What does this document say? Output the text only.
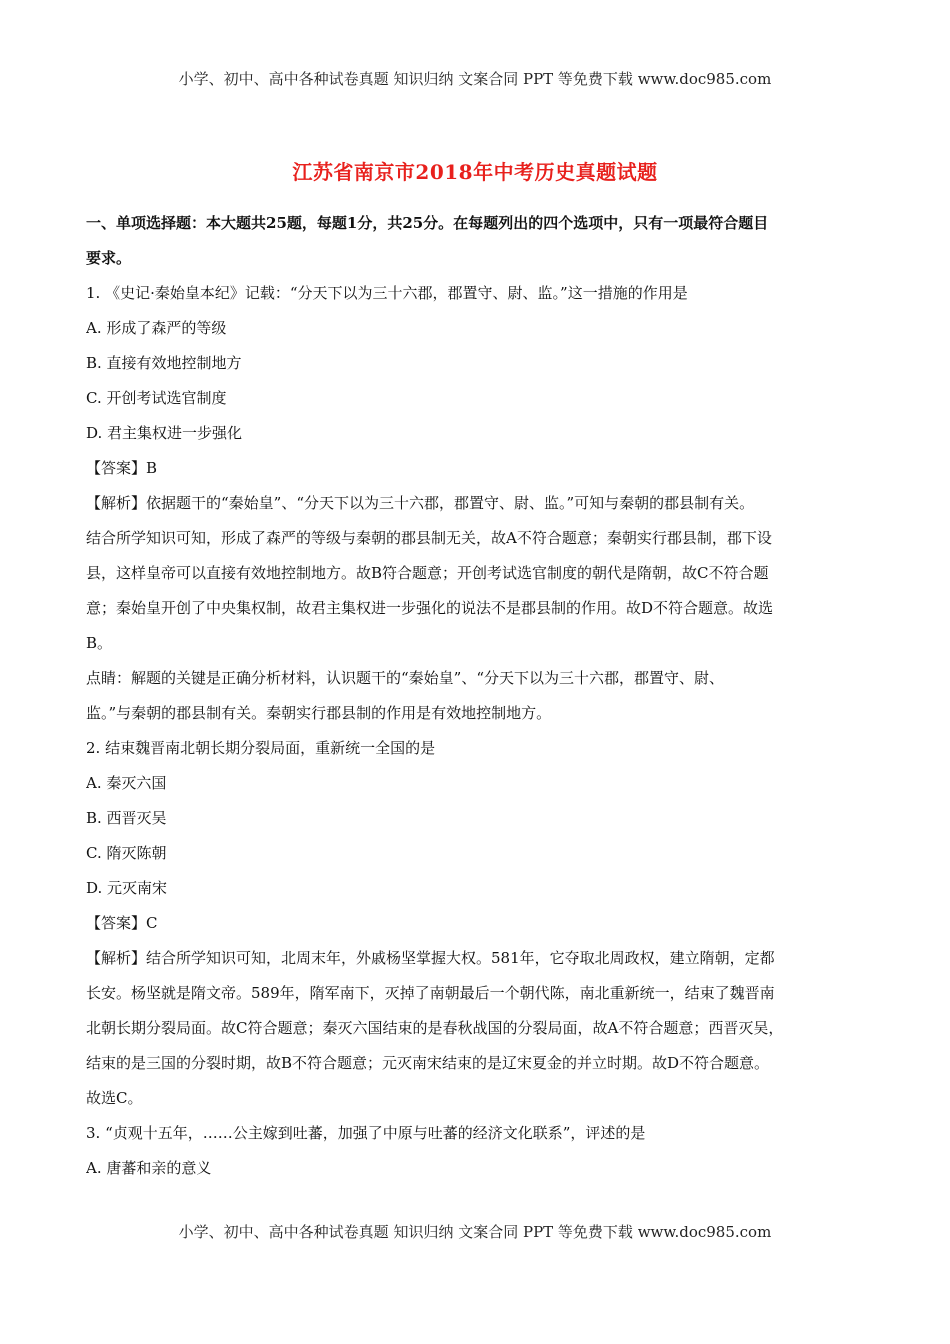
小学、初中、高中各种试卷真题 知识归纳 文案合同 PPT 等免费下载 www.doc985.com
江苏省南京市2018年中考历史真题试题
一、单项选择题：本大题共25题，每题1分，共25分。在每题列出的四个选项中，只有一项最符合题目
要求。
1. 《史记·秦始皇本纪》记载：“分天下以为三十六郡，郡置守、尉、监。”这一措施的作用是
A. 形成了森严的等级
B. 直接有效地控制地方
C. 开创考试选官制度
D. 君主集权进一步强化
【答案】B
【解析】依据题干的“秦始皇”、“分天下以为三十六郡，郡置守、尉、监。”可知与秦朝的郡县制有关。
结合所学知识可知，形成了森严的等级与秦朝的郡县制无关，故A不符合题意；秦朝实行郡县制，郡下设
县，这样皇帝可以直接有效地控制地方。故B符合题意；开创考试选官制度的朝代是隋朝，故C不符合题
意；秦始皇开创了中央集权制，故君主集权进一步强化的说法不是郡县制的作用。故D不符合题意。故选
B。
点睛：解题的关键是正确分析材料，认识题干的“秦始皇”、“分天下以为三十六郡，郡置守、尉、
监。”与秦朝的郡县制有关。秦朝实行郡县制的作用是有效地控制地方。
2. 结束魏晋南北朝长期分裂局面，重新统一全国的是
A. 秦灭六国
B. 西晋灭吴
C. 隋灭陈朝
D. 元灭南宋
【答案】C
【解析】结合所学知识可知，北周末年，外戚杨坚掌握大权。581年，它夺取北周政权，建立隋朝，定都
长安。杨坚就是隋文帝。589年，隋军南下，灭掉了南朝最后一个朝代陈，南北重新统一，结束了魏晋南
北朝长期分裂局面。故C符合题意；秦灭六国结束的是春秋战国的分裂局面，故A不符合题意；西晋灭吴，
结束的是三国的分裂时期，故B不符合题意；元灭南宋结束的是辽宋夏金的并立时期。故D不符合题意。
故选C。
3. “贞观十五年，……公主嫁到吐蕃，加强了中原与吐蕃的经济文化联系”，评述的是
A. 唐蕃和亲的意义
小学、初中、高中各种试卷真题 知识归纳 文案合同 PPT 等免费下载 www.doc985.com
